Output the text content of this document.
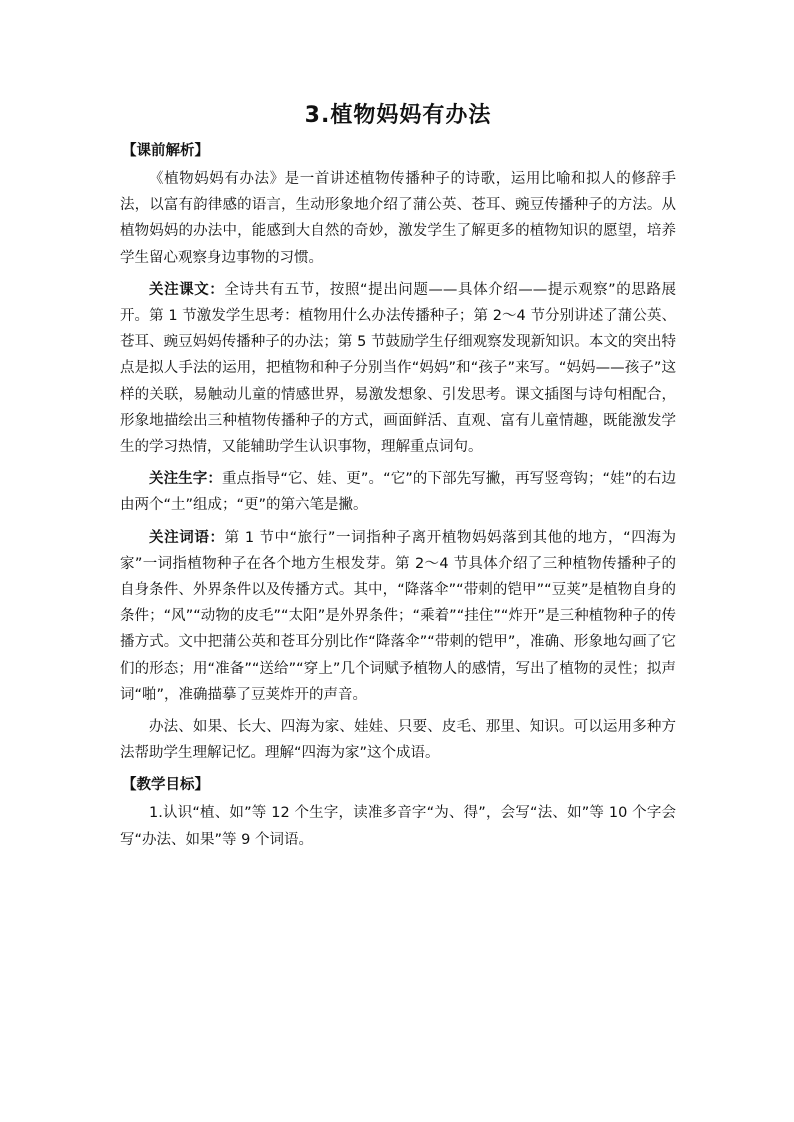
3.植物妈妈有办法
【课前解析】

《植物妈妈有办法》是一首讲述植物传播种子的诗歌，运用比喻和拟人的修辞手法，以富有韵律感的语言，生动形象地介绍了蒲公英、苍耳、豌豆传播种子的方法。从植物妈妈的办法中，能感到大自然的奇妙，激发学生了解更多的植物知识的愿望，培养学生留心观察身边事物的习惯。

关注课文：全诗共有五节，按照“提出问题——具体介绍——提示观察”的思路展开。第 1 节激发学生思考：植物用什么办法传播种子；第 2～4 节分别讲述了蒲公英、苍耳、豌豆妈妈传播种子的办法；第 5 节鼓励学生仔细观察发现新知识。本文的突出特点是拟人手法的运用，把植物和种子分别当作“妈妈”和“孩子”来写。“妈妈——孩子”这样的关联，易触动儿童的情感世界，易激发想象、引发思考。课文插图与诗句相配合，形象地描绘出三种植物传播种子的方式，画面鲜活、直观、富有儿童情趣，既能激发学生的学习热情，又能辅助学生认识事物，理解重点词句。

关注生字：重点指导“它、娃、更”。“它”的下部先写撇，再写竖弯钩；“娃”的右边由两个“土”组成；“更”的第六笔是撇。

关注词语：第 1 节中“旅行”一词指种子离开植物妈妈落到其他的地方，“四海为家”一词指植物种子在各个地方生根发芽。第 2～4 节具体介绍了三种植物传播种子的自身条件、外界条件以及传播方式。其中，“降落伞”“带刺的铠甲”“豆荚”是植物自身的条件；“风”“动物的皮毛”“太阳”是外界条件；“乘着”“挂住”“炸开”是三种植物种子的传播方式。文中把蒲公英和苍耳分别比作“降落伞”“带刺的铠甲”，准确、形象地勾画了它们的形态；用“准备”“送给”“穿上”几个词赋予植物人的感情，写出了植物的灵性；拟声词“啪”，准确描摹了豆荚炸开的声音。

办法、如果、长大、四海为家、娃娃、只要、皮毛、那里、知识。可以运用多种方法帮助学生理解记忆。理解“四海为家”这个成语。

【教学目标】

1.认识“植、如”等 12 个生字，读准多音字“为、得”，会写“法、如”等 10 个字会写“办法、如果”等 9 个词语。
